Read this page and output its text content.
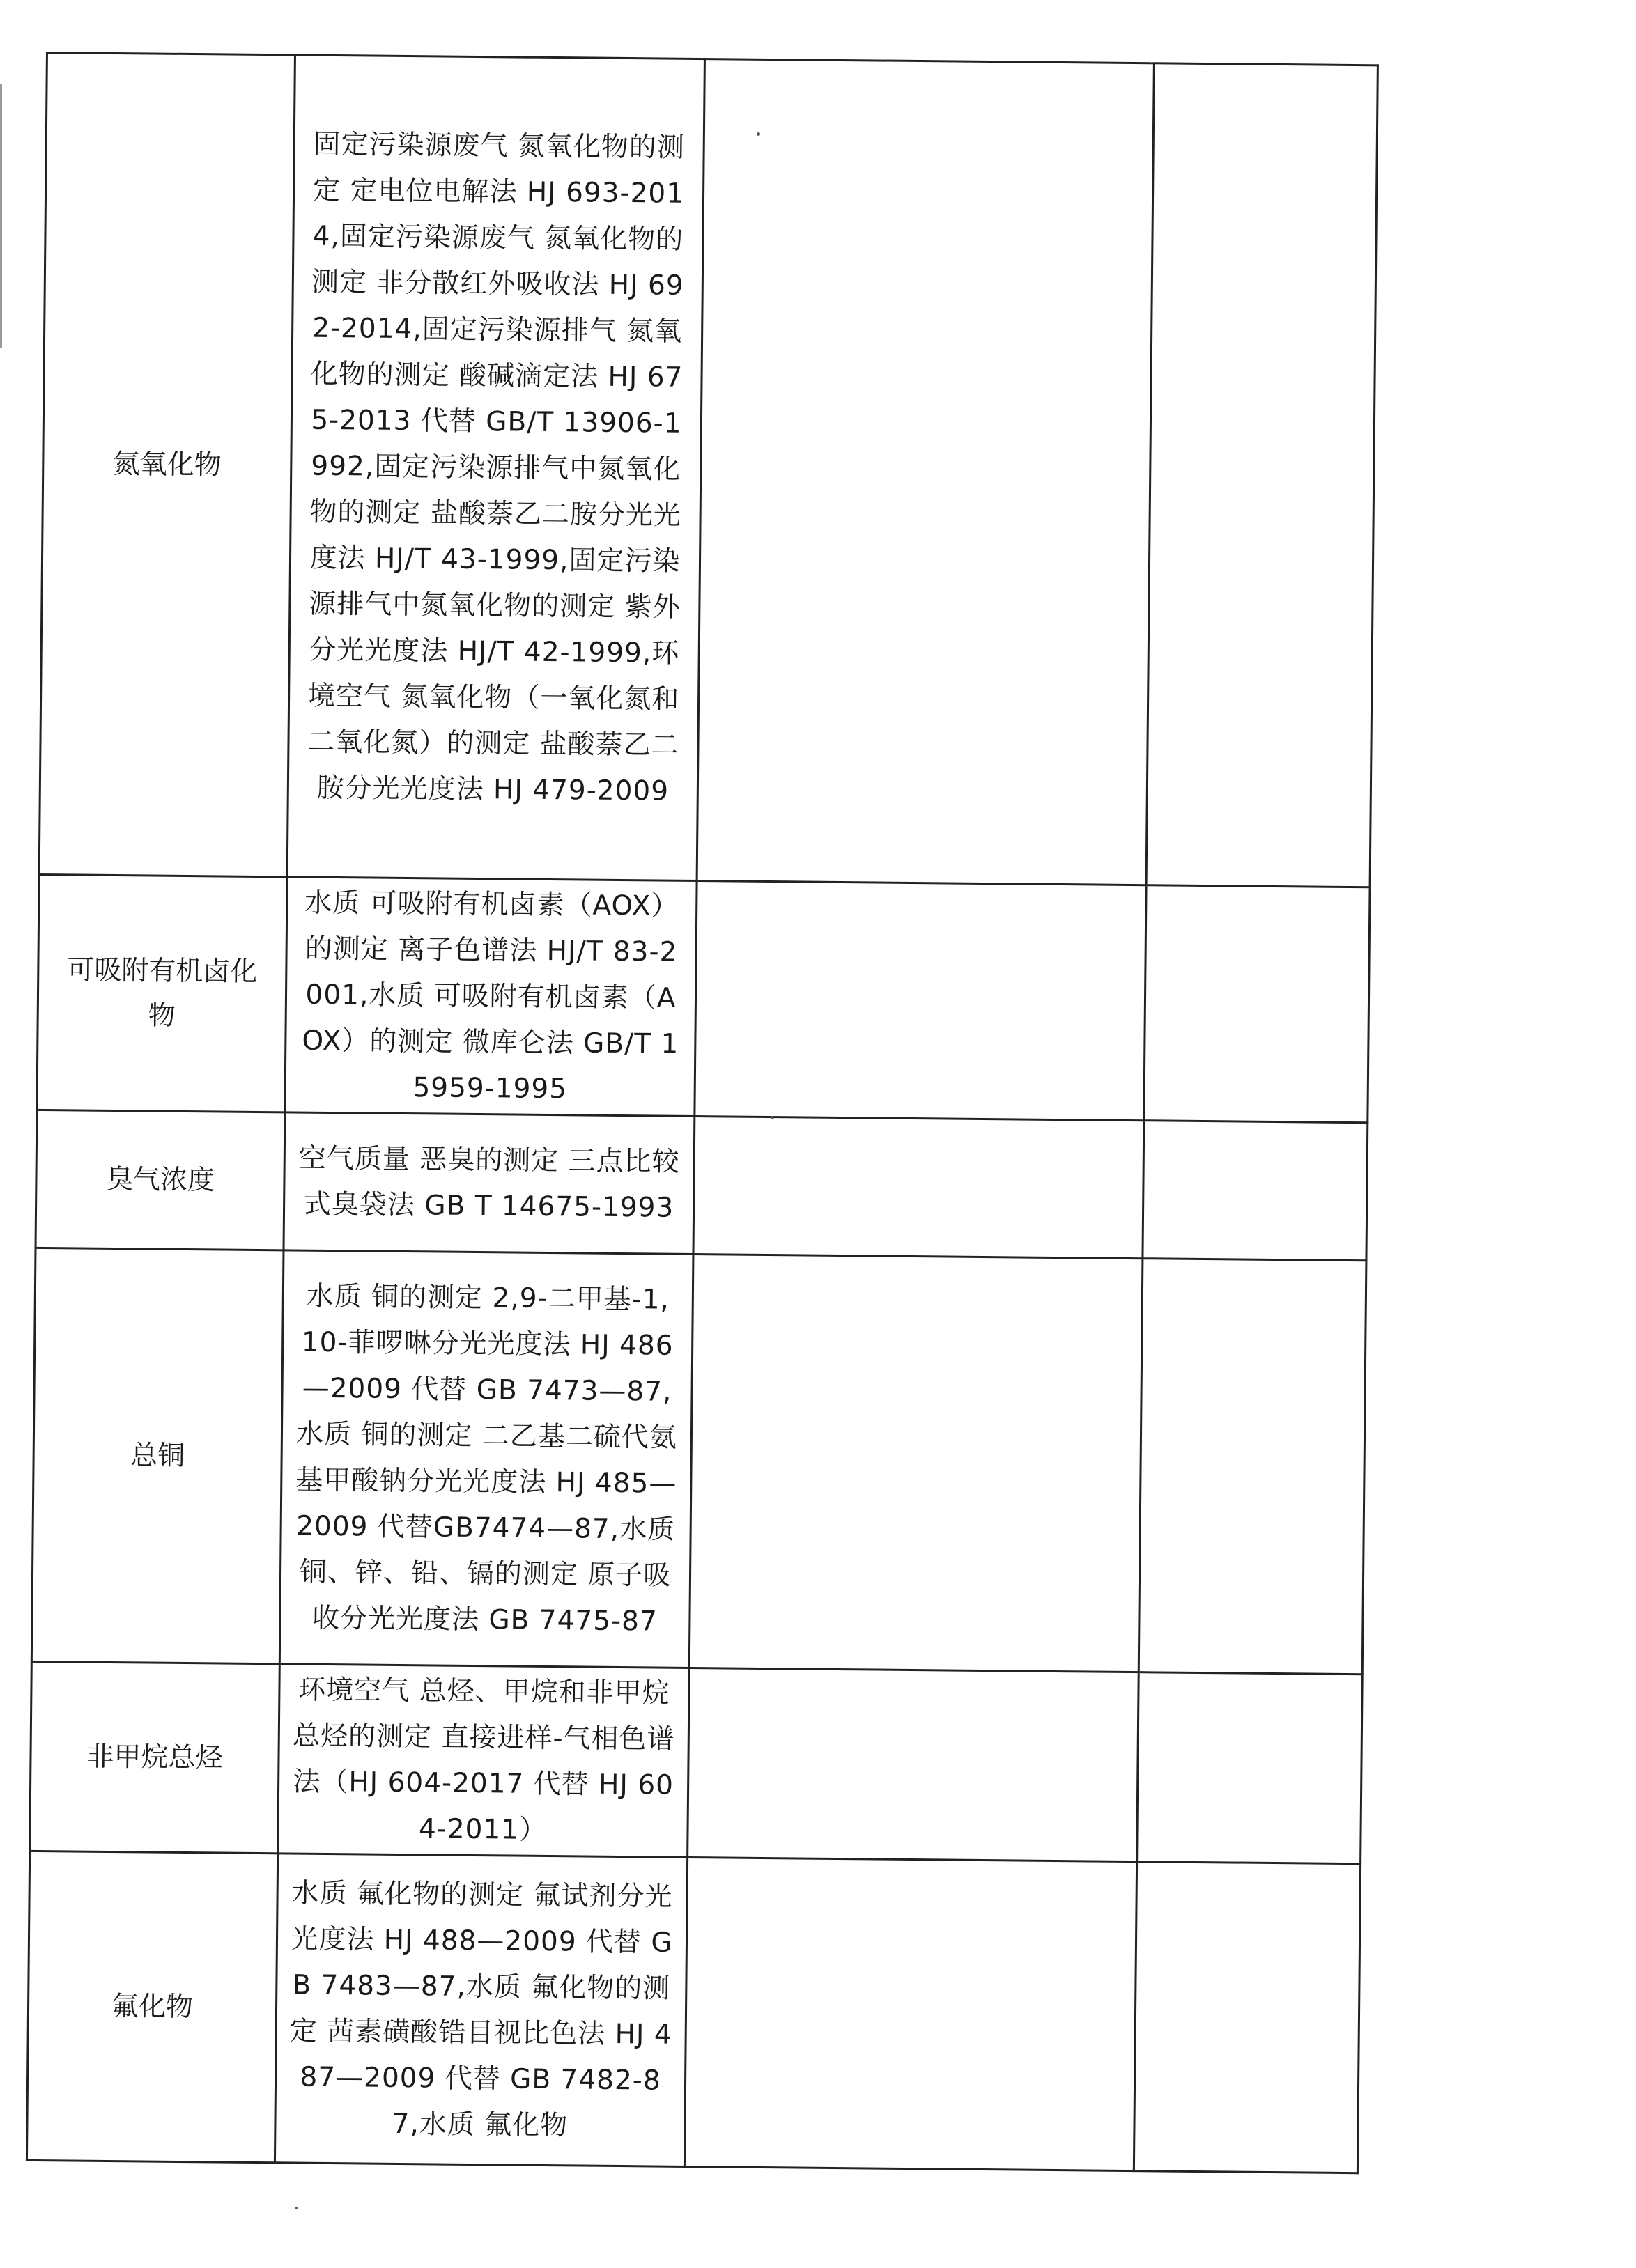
氮氧化物	固定污染源废气 氮氧化物的测定 定电位电解法 HJ 693-2014,固定污染源废气 氮氧化物的测定 非分散红外吸收法 HJ 692-2014,固定污染源排气 氮氧化物的测定 酸碱滴定法 HJ 675-2013 代替 GB/T 13906-1992,固定污染源排气中氮氧化物的测定 盐酸萘乙二胺分光光度法 HJ/T 43-1999,固定污染源排气中氮氧化物的测定 紫外分光光度法 HJ/T 42-1999,环境空气 氮氧化物（一氧化氮和二氧化氮）的测定 盐酸萘乙二胺分光光度法 HJ 479-2009		
可吸附有机卤化物	水质 可吸附有机卤素（AOX）的测定 离子色谱法 HJ/T 83-2001,水质 可吸附有机卤素（AOX）的测定 微库仑法 GB/T 15959-1995		
臭气浓度	空气质量 恶臭的测定 三点比较式臭袋法 GB T 14675-1993		
总铜	水质 铜的测定 2,9-二甲基-1, 10-菲啰啉分光光度法 HJ 486—2009 代替 GB 7473—87,水质 铜的测定 二乙基二硫代氨基甲酸钠分光光度法 HJ 485—2009 代替GB7474—87,水质 铜、锌、铅、镉的测定 原子吸收分光光度法 GB 7475-87		
非甲烷总烃	环境空气 总烃、甲烷和非甲烷总烃的测定 直接进样-气相色谱法（HJ 604-2017 代替 HJ 604-2011）		
氟化物	水质 氟化物的测定 氟试剂分光光度法 HJ 488—2009 代替 GB 7483—87,水质 氟化物的测定 茜素磺酸锆目视比色法 HJ 487—2009 代替 GB 7482-87,水质 氟化物		
